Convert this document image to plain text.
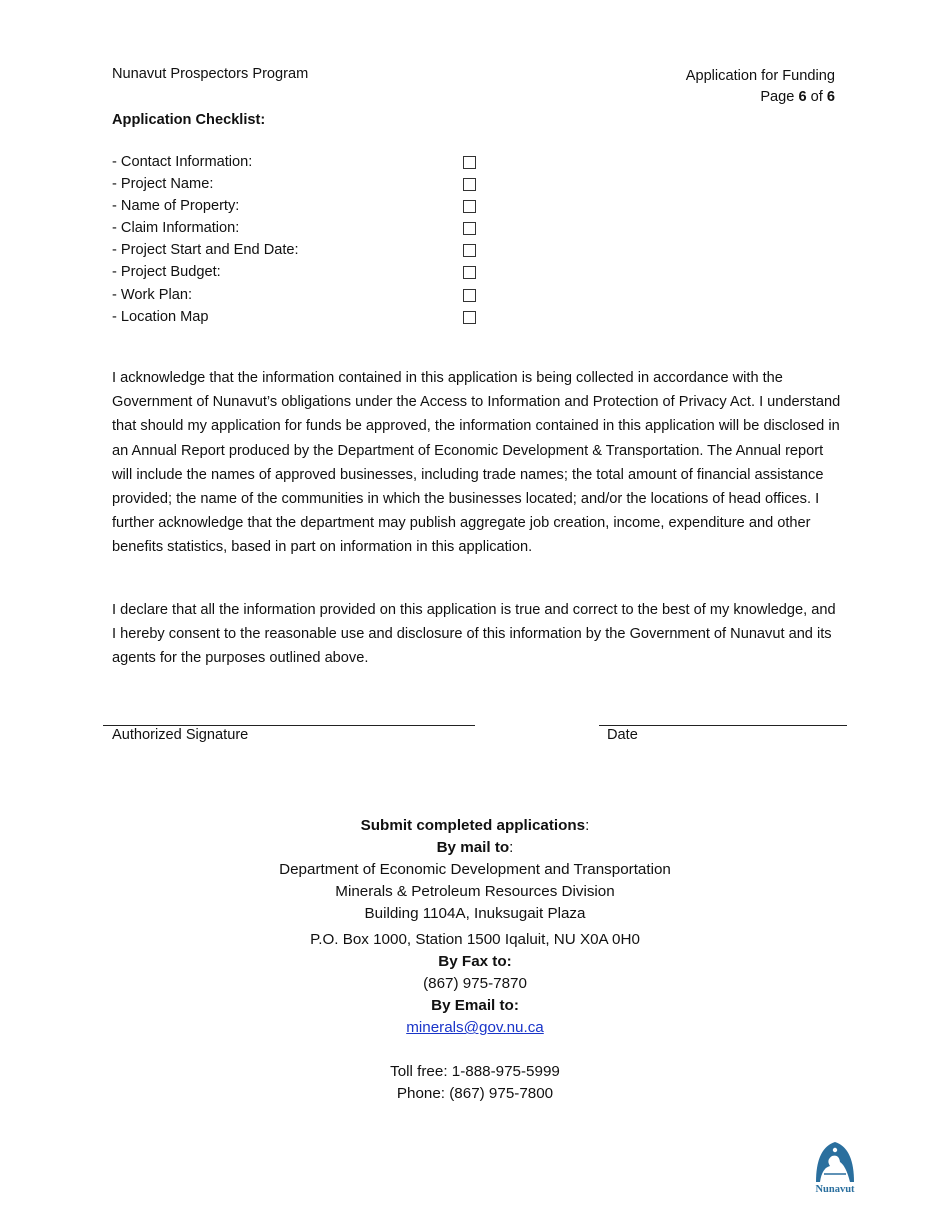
Nunavut Prospectors Program	Application for Funding
Page 6 of 6
Application Checklist:
- Contact Information:
- Project Name:
- Name of Property:
- Claim Information:
- Project Start and End Date:
- Project Budget:
- Work Plan:
- Location Map

I acknowledge that the information contained in this application is being collected in accordance with the Government of Nunavut’s obligations under the Access to Information and Protection of Privacy Act. I understand that should my application for funds be approved, the information contained in this application will be disclosed in an Annual Report produced by the Department of Economic Development & Transportation. The Annual report will include the names of approved businesses, including trade names; the total amount of financial assistance provided; the name of the communities in which the businesses located; and/or the locations of head offices. I further acknowledge that the department may publish aggregate job creation, income, expenditure and other benefits statistics, based in part on information in this application.

I declare that all the information provided on this application is true and correct to the best of my knowledge, and I hereby consent to the reasonable use and disclosure of this information by the Government of Nunavut and its agents for the purposes outlined above.

Authorized Signature	Date
Submit completed applications:
By mail to:
Department of Economic Development and Transportation
Minerals & Petroleum Resources Division
Building 1104A, Inuksugait Plaza
P.O. Box 1000, Station 1500 Iqaluit, NU X0A 0H0
By Fax to:
(867) 975-7870
By Email to:
minerals@gov.nu.ca
Toll free: 1-888-975-5999
Phone: (867) 975-7800
Nunavut
